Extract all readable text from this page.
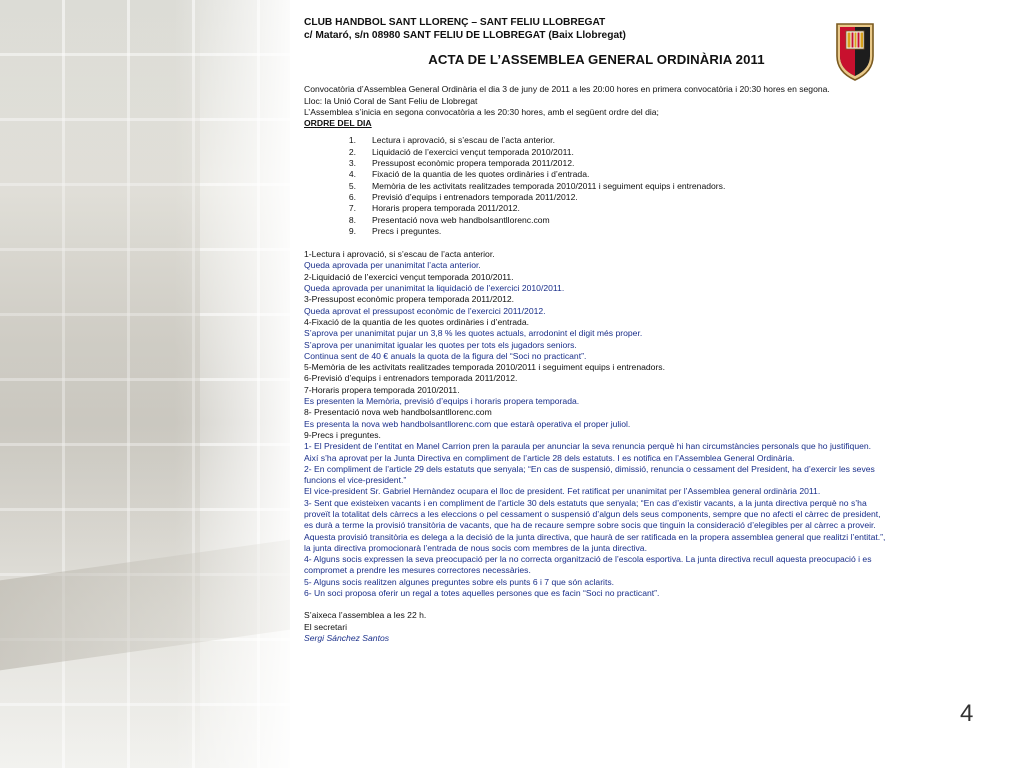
CLUB HANDBOL SANT LLORENÇ – SANT FELIU LLOBREGAT
c/ Mataró, s/n 08980 SANT FELIU DE LLOBREGAT (Baix Llobregat)
ACTA DE L’ASSEMBLEA GENERAL ORDINÀRIA 2011
Convocatòria d’Assemblea General Ordinària el dia 3 de juny de 2011 a les 20:00 hores en primera convocatòria i 20:30 hores en segona.
Lloc: la Unió Coral de Sant Feliu de Llobregat
L’Assemblea s’inicia en segona convocatòria a les 20:30 hores, amb el següent ordre del dia;
ORDRE DEL DIA
1. Lectura i aprovació, si s’escau de l’acta anterior.
2. Liquidació de l’exercici vençut temporada 2010/2011.
3. Pressupost econòmic propera temporada 2011/2012.
4. Fixació de la quantia de les quotes ordinàries i d’entrada.
5. Memòria de les activitats realitzades temporada 2010/2011 i seguiment equips i entrenadors.
6. Previsió d’equips i entrenadors temporada 2011/2012.
7. Horaris propera temporada 2011/2012.
8. Presentació nova web handbolsantllorenc.com
9. Precs i preguntes.
1-Lectura i aprovació, si s’escau de l’acta anterior.
Queda aprovada per unanimitat l’acta anterior.
2-Liquidació de l’exercici vençut temporada 2010/2011.
Queda aprovada per unanimitat la liquidació de l’exercici 2010/2011.
3-Pressupost econòmic propera temporada 2011/2012.
Queda aprovat el pressupost econòmic de l’exercici 2011/2012.
4-Fixació de la quantia de les quotes ordinàries i d’entrada.
S’aprova per unanimitat pujar un 3,8 % les quotes actuals, arrodonint el digit més proper.
S’aprova per unanimitat igualar les quotes per tots els jugadors seniors.
Continua sent de 40 € anuals la quota de la figura del “Soci no practicant”.
5-Memòria de les activitats realitzades temporada 2010/2011 i seguiment equips i entrenadors.
6-Previsió d’equips i entrenadors temporada 2011/2012.
7-Horaris propera temporada 2010/2011.
Es presenten la Memòria, previsió d’equips i horaris propera temporada.
8- Presentació nova web handbolsantllorenc.com
Es presenta la nova web handbolsantllorenc.com que estarà operativa el proper juliol.
9-Precs i preguntes.
1- El President de l’entitat en Manel Carrion pren la paraula per anunciar la seva renuncia perquè hi han circumstàncies personals que ho justifiquen.
Així s’ha aprovat per la Junta Directiva en compliment de l’article 28 dels estatuts. I es notifica en l’Assemblea General Ordinària.
2- En compliment de l’article 29 dels estatuts que senyala; “En cas de suspensió, dimissió, renuncia o cessament del President, ha d’exercir les seves funcions el vice-president.”
El vice-president Sr. Gabriel Hernàndez ocupara el lloc de president. Fet ratificat per unanimitat per l’Assemblea general ordinària 2011.
3- Sent que existeixen vacants i en compliment de l’article 30 dels estatuts que senyala; “En cas d’existir vacants, a la junta directiva perquè no s’ha proveït la totalitat dels càrrecs a les eleccions o pel cessament o suspensió d’algun dels seus components, sempre que no afecti el càrrec de president, es durà a terme la provisió transitòria de vacants, que ha de recaure sempre sobre socis que tinguin la consideració d’elegibles per al càrrec a proveir. Aquesta provisió transitòria es delega a la decisió de la junta directiva, que haurà de ser ratificada en la propera assemblea general que realitzi l’entitat.”, la junta directiva promocionarà l’entrada de nous socis com membres de la junta directiva.
4- Alguns socis expressen la seva preocupació per la no correcta organització de l’escola esportiva. La junta directiva recull aquesta preocupació i es compromet a prendre les mesures correctores necessàries.
5- Alguns socis realitzen algunes preguntes sobre els punts 6 i 7 que són aclarits.
6- Un soci proposa oferir un regal a totes aquelles persones que es facin “Soci no practicant”.
S’aixeca l’assemblea a les 22 h.
El secretari
Sergi Sánchez Santos
4
